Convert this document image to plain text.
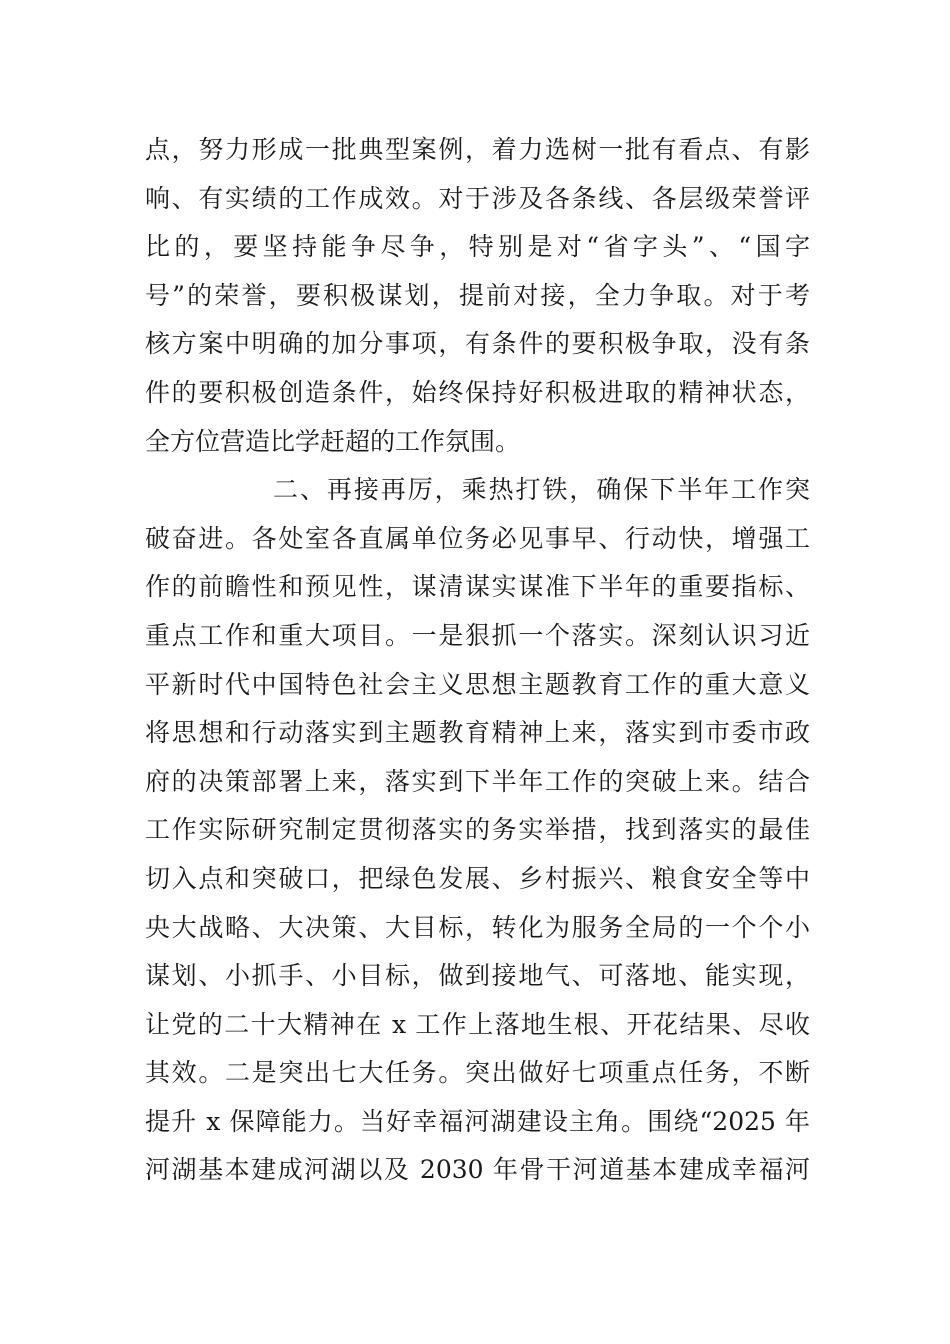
点，努力形成一批典型案例，着力选树一批有看点、有影
响、有实绩的工作成效。对于涉及各条线、各层级荣誉评
比的，要坚持能争尽争，特别是对“省字头”、“国字
号”的荣誉，要积极谋划，提前对接，全力争取。对于考
核方案中明确的加分事项，有条件的要积极争取，没有条
件的要积极创造条件，始终保持好积极进取的精神状态，
全方位营造比学赶超的工作氛围。
二、再接再厉，乘热打铁，确保下半年工作突
破奋进。各处室各直属单位务必见事早、行动快，增强工
作的前瞻性和预见性，谋清谋实谋准下半年的重要指标、
重点工作和重大项目。一是狠抓一个落实。深刻认识习近
平新时代中国特色社会主义思想主题教育工作的重大意义
将思想和行动落实到主题教育精神上来，落实到市委市政
府的决策部署上来，落实到下半年工作的突破上来。结合
工作实际研究制定贯彻落实的务实举措，找到落实的最佳
切入点和突破口，把绿色发展、乡村振兴、粮食安全等中
央大战略、大决策、大目标，转化为服务全局的一个个小
谋划、小抓手、小目标，做到接地气、可落地、能实现，
让党的二十大精神在 x 工作上落地生根、开花结果、尽收
其效。二是突出七大任务。突出做好七项重点任务，不断
提升 x 保障能力。当好幸福河湖建设主角。围绕“2025 年
河湖基本建成河湖以及 2030 年骨干河道基本建成幸福河
